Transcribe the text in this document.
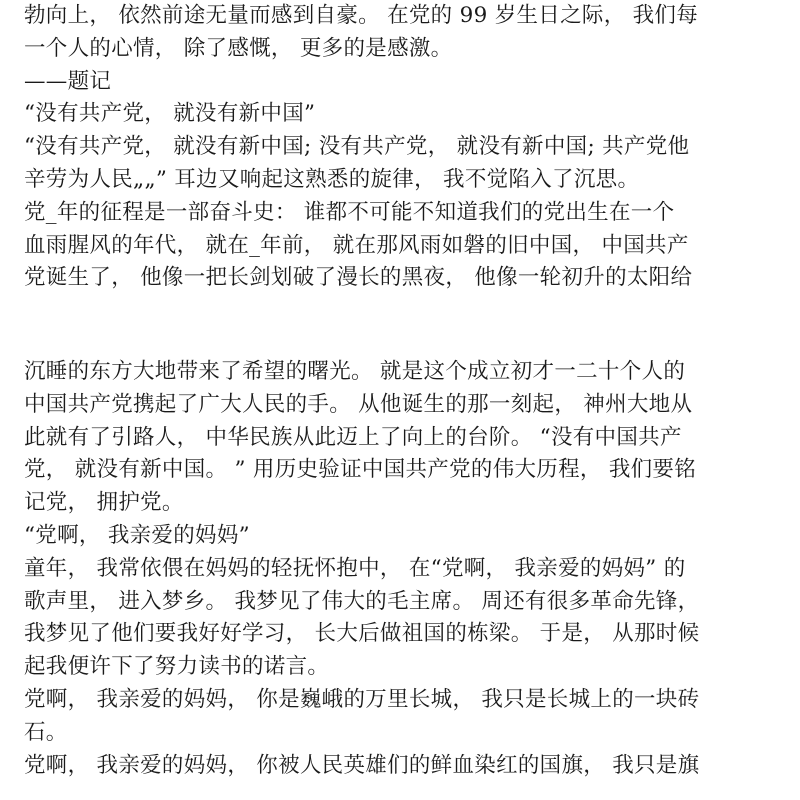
勃向上， 依然前途无量而感到自豪。 在党的 99 岁生日之际， 我们每
一个人的心情， 除了感慨， 更多的是感激。
——题记
“没有共产党， 就没有新中国”
“没有共产党， 就没有新中国; 没有共产党， 就没有新中国; 共产党他
辛劳为人民„„” 耳边又响起这熟悉的旋律， 我不觉陷入了沉思。
党_年的征程是一部奋斗史： 谁都不可能不知道我们的党出生在一个
血雨腥风的年代， 就在_年前， 就在那风雨如磐的旧中国， 中国共产
党诞生了， 他像一把长剑划破了漫长的黑夜， 他像一轮初升的太阳给
沉睡的东方大地带来了希望的曙光。 就是这个成立初才一二十个人的
中国共产党携起了广大人民的手。 从他诞生的那一刻起， 神州大地从
此就有了引路人， 中华民族从此迈上了向上的台阶。 “没有中国共产
党， 就没有新中国。 ” 用历史验证中国共产党的伟大历程， 我们要铭
记党， 拥护党。
“党啊， 我亲爱的妈妈”
童年， 我常依偎在妈妈的轻抚怀抱中， 在“党啊， 我亲爱的妈妈” 的
歌声里， 进入梦乡。 我梦见了伟大的毛主席。 周还有很多革命先锋，
我梦见了他们要我好好学习， 长大后做祖国的栋梁。 于是， 从那时候
起我便许下了努力读书的诺言。
党啊， 我亲爱的妈妈， 你是巍峨的万里长城， 我只是长城上的一块砖
石。
党啊， 我亲爱的妈妈， 你被人民英雄们的鲜血染红的国旗， 我只是旗
